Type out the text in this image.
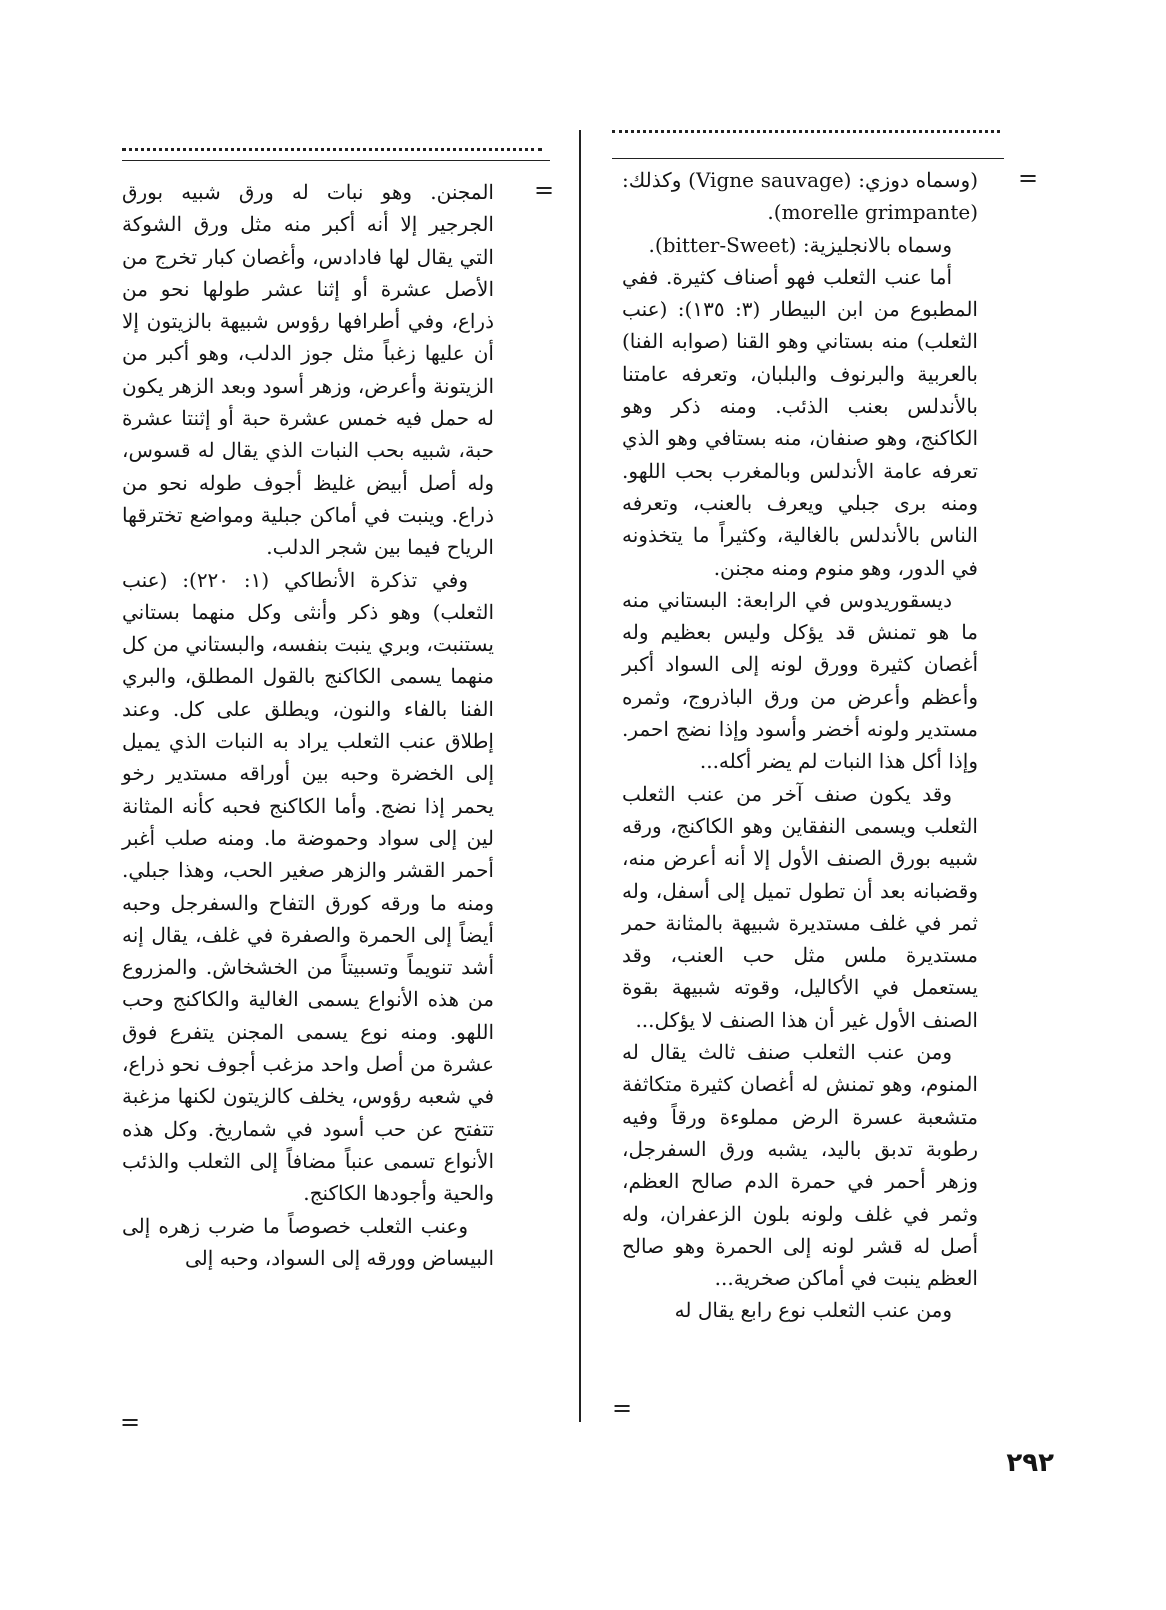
=
=
=
=

(وسماه دوزي: (Vigne sauvage) وكذلك: (morelle grimpante).

وسماه بالانجليزية: (bitter-Sweet).

أما عنب الثعلب فهو أصناف كثيرة. ففي المطبوع من ابن البيطار (٣: ١٣٥): (عنب الثعلب) منه بستاني وهو القنا (صوابه الفنا) بالعربية والبرنوف والبلبان، وتعرفه عامتنا بالأندلس بعنب الذئب. ومنه ذكر وهو الكاكنج، وهو صنفان، منه بستافي وهو الذي تعرفه عامة الأندلس وبالمغرب بحب اللهو. ومنه برى جبلي ويعرف بالعنب، وتعرفه الناس بالأندلس بالغالية، وكثيراً ما يتخذونه في الدور، وهو منوم ومنه مجنن.

ديسقوريدوس في الرابعة: البستاني منه ما هو تمنش قد يؤكل وليس بعظيم وله أغصان كثيرة وورق لونه إلى السواد أكبر وأعظم وأعرض من ورق الباذروج، وثمره مستدير ولونه أخضر وأسود وإذا نضج احمر. وإذا أكل هذا النبات لم يضر أكله...

وقد يكون صنف آخر من عنب الثعلب الثعلب ويسمى النفقاين وهو الكاكنج، ورقه شبيه بورق الصنف الأول إلا أنه أعرض منه، وقضبانه بعد أن تطول تميل إلى أسفل، وله ثمر في غلف مستديرة شبيهة بالمثانة حمر مستديرة ملس مثل حب العنب، وقد يستعمل في الأكاليل، وقوته شبيهة بقوة الصنف الأول غير أن هذا الصنف لا يؤكل...

ومن عنب الثعلب صنف ثالث يقال له المنوم، وهو تمنش له أغصان كثيرة متكاثفة متشعبة عسرة الرض مملوءة ورقاً وفيه رطوبة تدبق باليد، يشبه ورق السفرجل، وزهر أحمر في حمرة الدم صالح العظم، وثمر في غلف ولونه بلون الزعفران، وله أصل له قشر لونه إلى الحمرة وهو صالح العظم ينبت في أماكن صخرية...

ومن عنب الثعلب نوع رابع يقال له

المجنن. وهو نبات له ورق شبيه بورق الجرجير إلا أنه أكبر منه مثل ورق الشوكة التي يقال لها فادادس، وأغصان كبار تخرج من الأصل عشرة أو إثنا عشر طولها نحو من ذراع، وفي أطرافها رؤوس شبيهة بالزيتون إلا أن عليها زغباً مثل جوز الدلب، وهو أكبر من الزيتونة وأعرض، وزهر أسود وبعد الزهر يكون له حمل فيه خمس عشرة حبة أو إثنتا عشرة حبة، شبيه بحب النبات الذي يقال له قسوس، وله أصل أبيض غليظ أجوف طوله نحو من ذراع. وينبت في أماكن جبلية ومواضع تخترقها الرياح فيما بين شجر الدلب.

وفي تذكرة الأنطاكي (١: ٢٢٠): (عنب الثعلب) وهو ذكر وأنثى وكل منهما بستاني يستنبت، وبري ينبت بنفسه، والبستاني من كل منهما يسمى الكاكنج بالقول المطلق، والبري الفنا بالفاء والنون، ويطلق على كل. وعند إطلاق عنب الثعلب يراد به النبات الذي يميل إلى الخضرة وحبه بين أوراقه مستدير رخو يحمر إذا نضج. وأما الكاكنج فحبه كأنه المثانة لين إلى سواد وحموضة ما. ومنه صلب أغبر أحمر القشر والزهر صغير الحب، وهذا جبلي. ومنه ما ورقه كورق التفاح والسفرجل وحبه أيضاً إلى الحمرة والصفرة في غلف، يقال إنه أشد تنويماً وتسبيتاً من الخشخاش. والمزروع من هذه الأنواع يسمى الغالية والكاكنج وحب اللهو. ومنه نوع يسمى المجنن يتفرع فوق عشرة من أصل واحد مزغب أجوف نحو ذراع، في شعبه رؤوس، يخلف كالزيتون لكنها مزغبة تتفتح عن حب أسود في شماريخ. وكل هذه الأنواع تسمى عنباً مضافاً إلى الثعلب والذئب والحية وأجودها الكاكنج.

وعنب الثعلب خصوصاً ما ضرب زهره إلى البيساض وورقه إلى السواد، وحبه إلى

٢٩٢
